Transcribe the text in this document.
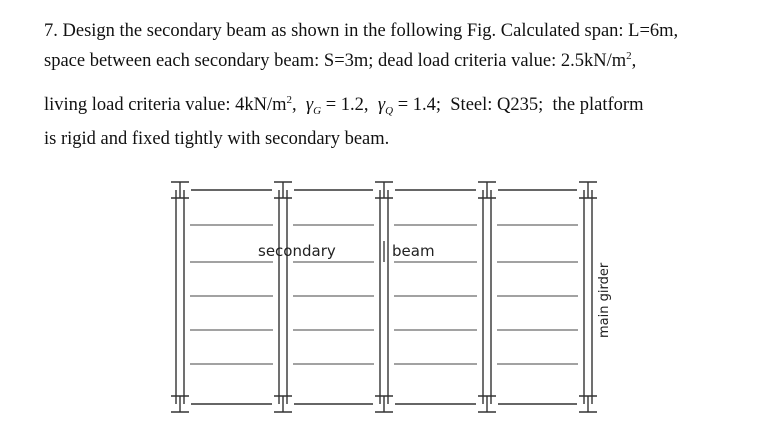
7. Design the secondary beam as shown in the following Fig. Calculated span: L=6m,
space between each secondary beam: S=3m; dead load criteria value: $2.5kN/m^2$,
living load criteria value: $4kN/m^2$, $\gamma_G = 1.2$, $\gamma_Q = 1.4$; Steel: Q235; the platform
is rigid and fixed tightly with secondary beam.
secondary	beam
main girder
